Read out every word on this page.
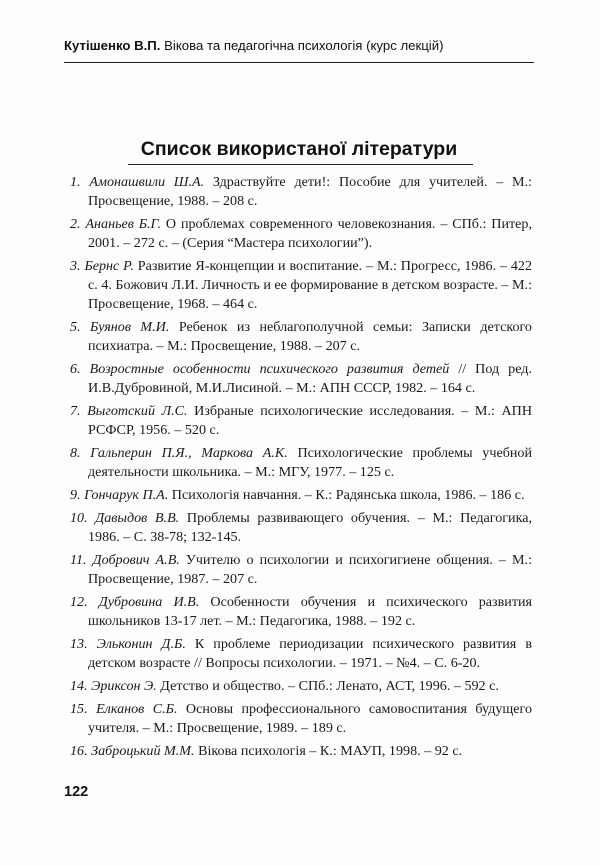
Кутішенко В.П. Вікова та педагогічна психологія (курс лекцій)
Список використаної літератури
1. Амонашвили Ш.А. Здраствуйте дети!: Пособие для учителей. – М.: Просвещение, 1988. – 208 с.
2. Ананьев Б.Г. О проблемах современного человекознания. – СПб.: Питер, 2001. – 272 с. – (Серия “Мастера психологии”).
3. Бернс Р. Развитие Я-концепции и воспитание. – М.: Прогресс, 1986. – 422 с. 4. Божович Л.И. Личность и ее формирование в детском возрасте. – М.: Просвещение, 1968. – 464 с.
5. Буянов М.И. Ребенок из неблагополучной семьи: Записки детского психиатра. – М.: Просвещение, 1988. – 207 с.
6. Возростные особенности психического развития детей // Под ред. И.В.Дубровиной, М.И.Лисиной. – М.: АПН СССР, 1982. – 164 с.
7. Выготский Л.С. Избраные психологические исследования. – М.: АПН РСФСР, 1956. – 520 с.
8. Гальперин П.Я., Маркова А.К. Психологические проблемы учебной деятельности школьника. – М.: МГУ, 1977. – 125 с.
9. Гончарук П.А. Психологія навчання. – К.: Радянська школа, 1986. – 186 с.
10. Давыдов В.В. Проблемы развивающего обучения. – М.: Педагогика, 1986. – С. 38-78; 132-145.
11. Добрович А.В. Учителю о психологии и психогигиене общения. – М.: Просвещение, 1987. – 207 с.
12. Дубровина И.В. Особенности обучения и психического развития школьников 13-17 лет. – М.: Педагогика, 1988. – 192 с.
13. Эльконин Д.Б. К проблеме периодизации психического развития в детском возрасте // Вопросы психологии. – 1971. – №4. – С. 6-20.
14. Эриксон Э. Детство и общество. – СПб.: Ленато, АСТ, 1996. – 592 с.
15. Елканов С.Б. Основы профессионального самовоспитания будущего учителя. – М.: Просвещение, 1989. – 189 с.
16. Заброцький М.М. Вікова психологія – К.: МАУП, 1998. – 92 с.
122
